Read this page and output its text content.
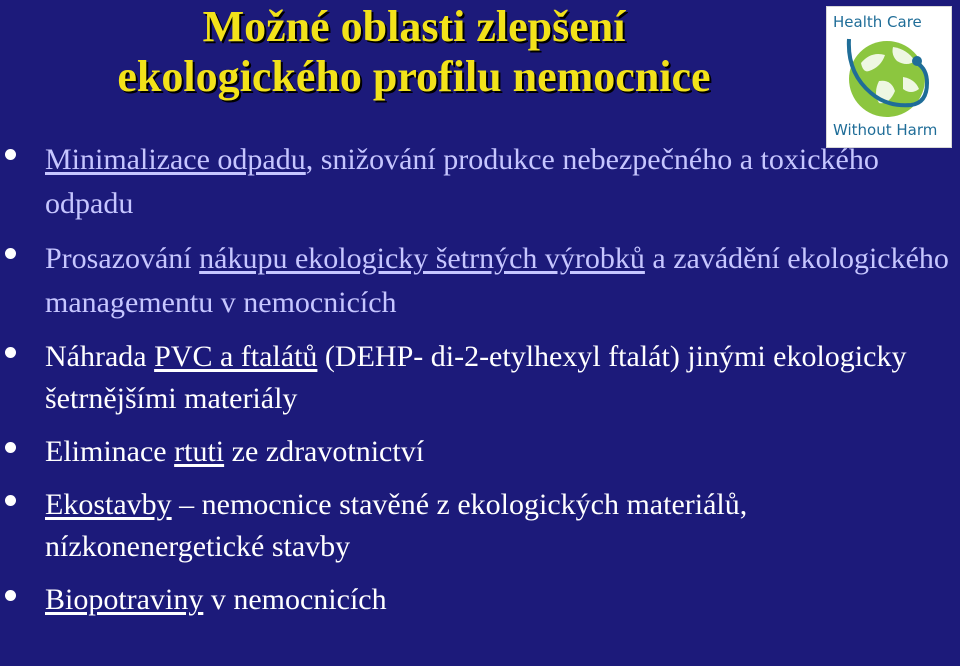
Možné oblasti zlepšení
ekologického profilu nemocnice
Health Care
Without Harm
Minimalizace odpadu, snižování produkce nebezpečného a toxického odpadu
Prosazování nákupu ekologicky šetrných výrobků a zavádění ekologického managementu v nemocnicích
Náhrada PVC a ftalátů (DEHP- di-2-etylhexyl ftalát) jinými ekologicky šetrnějšími materiály
Eliminace rtuti ze zdravotnictví
Ekostavby – nemocnice stavěné z ekologických materiálů, nízkonenergetické stavby
Biopotraviny v nemocnicích
